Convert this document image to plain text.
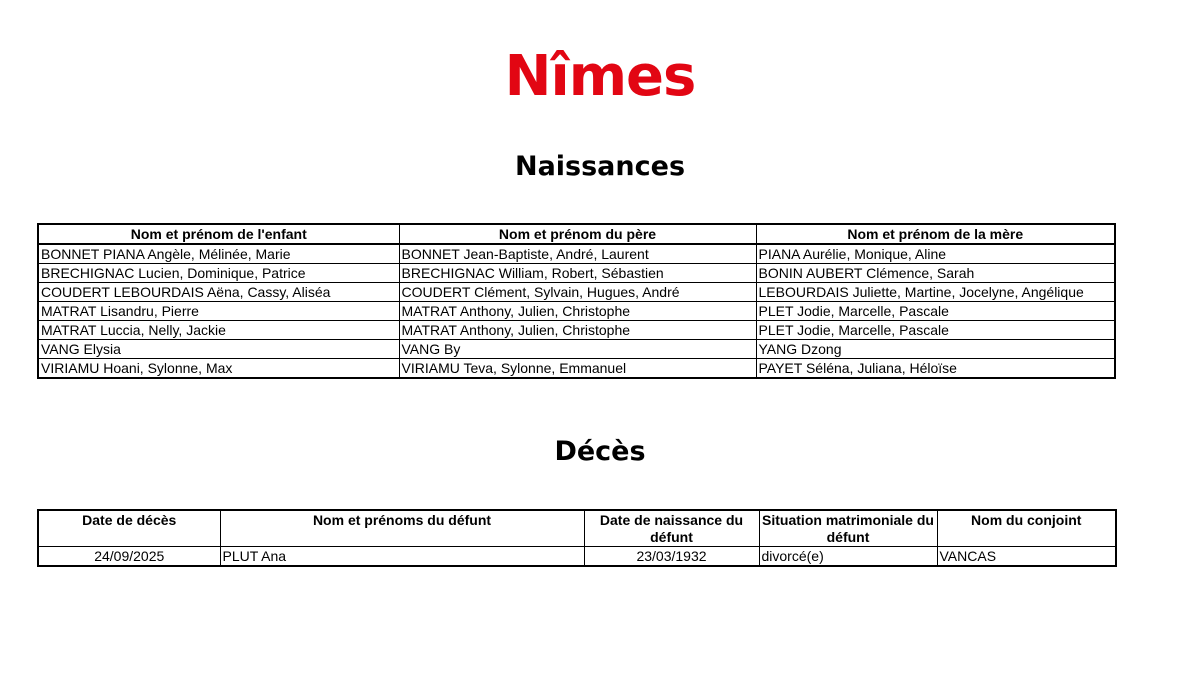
Nîmes
Naissances
Nom et prénom de l'enfant	Nom et prénom du père	Nom et prénom de la mère
BONNET PIANA Angèle, Mélinée, Marie	BONNET Jean-Baptiste, André, Laurent	PIANA Aurélie, Monique, Aline
BRECHIGNAC Lucien, Dominique, Patrice	BRECHIGNAC William, Robert, Sébastien	BONIN AUBERT Clémence, Sarah
COUDERT LEBOURDAIS Aëna, Cassy, Aliséa	COUDERT Clément, Sylvain, Hugues, André	LEBOURDAIS Juliette, Martine, Jocelyne, Angélique
MATRAT Lisandru, Pierre	MATRAT Anthony, Julien, Christophe	PLET Jodie, Marcelle, Pascale
MATRAT Luccia, Nelly, Jackie	MATRAT Anthony, Julien, Christophe	PLET Jodie, Marcelle, Pascale
VANG Elysia	VANG By	YANG Dzong
VIRIAMU Hoani, Sylonne, Max	VIRIAMU Teva, Sylonne, Emmanuel	PAYET Séléna, Juliana, Héloïse
Décès
Date de décès	Nom et prénoms du défunt	Date de naissance du défunt	Situation matrimoniale du défunt	Nom du conjoint
24/09/2025	PLUT Ana	23/03/1932	divorcé(e)	VANCAS
